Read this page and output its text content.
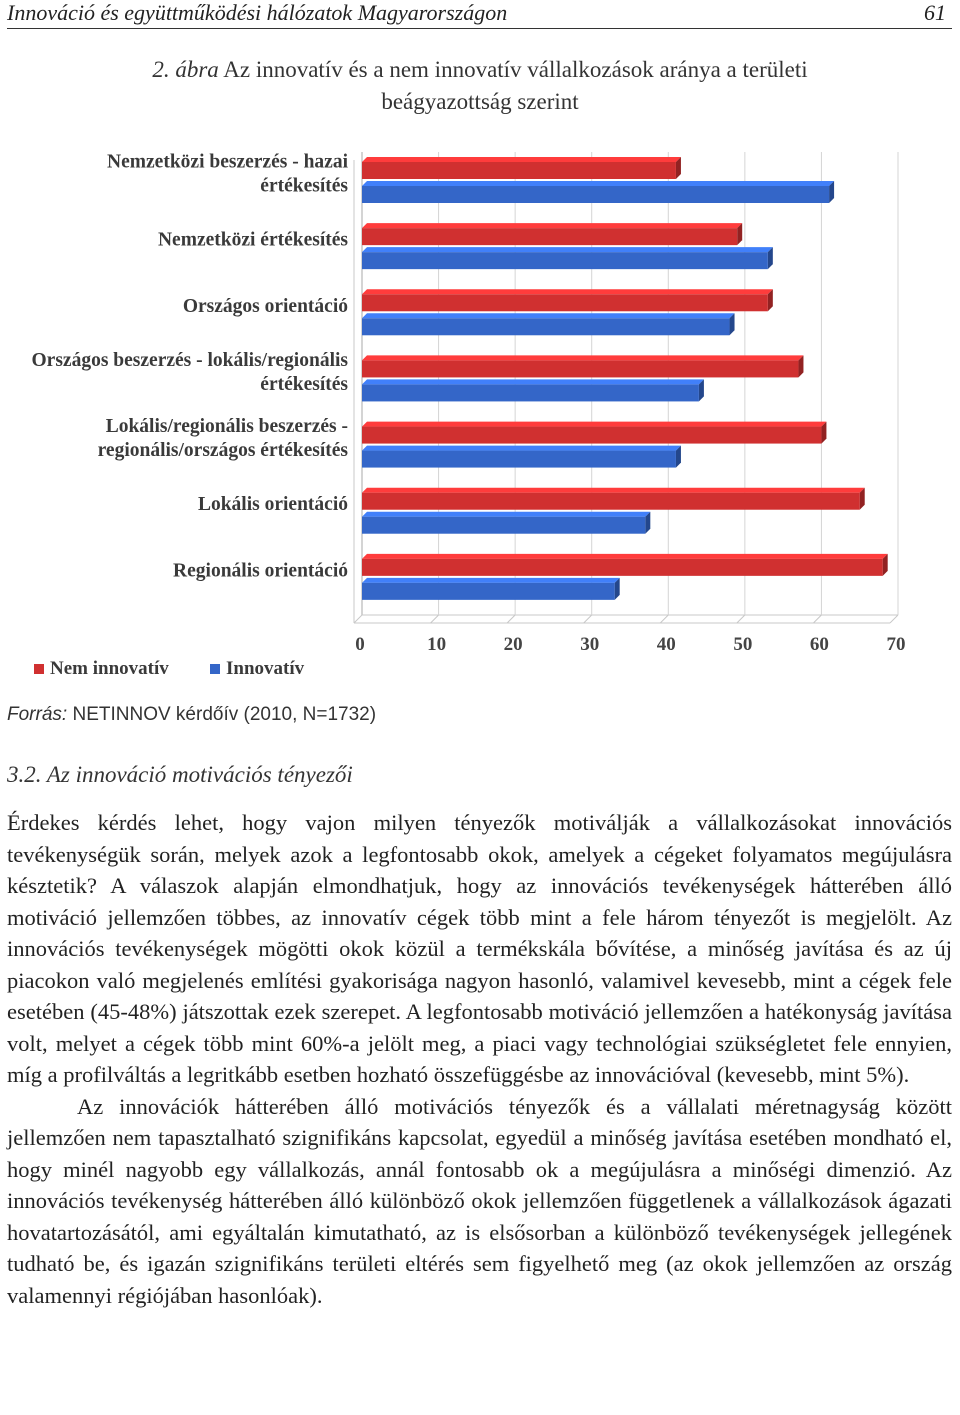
Innováció és együttműködési hálózatok Magyarországon	61
2. ábra Az innovatív és a nem innovatív vállalkozások aránya a területi
beágyazottság szerint
0	10	20	30	40	50	60	70
Nemzetközi beszerzés - hazai
értékesítés
Nemzetközi értékesítés
Országos orientáció
Országos beszerzés - lokális/regionális
értékesítés
Lokális/regionális beszerzés -
regionális/országos értékesítés
Lokális orientáció
Regionális orientáció
Nem innovatív	Innovatív
Forrás: NETINNOV kérdőív (2010, N=1732)
3.2. Az innováció motivációs tényezői

Érdekes kérdés lehet, hogy vajon milyen tényezők motiválják a vállalkozásokat innovációs tevékenységük során, melyek azok a legfontosabb okok, amelyek a cégeket folyamatos megújulásra késztetik? A válaszok alapján elmondhatjuk, hogy az innovációs tevékenységek hátterében álló motiváció jellemzően többes, az innovatív cégek több mint a fele három tényezőt is megjelölt. Az innovációs tevékenységek mögötti okok közül a termékskála bővítése, a minőség javítása és az új piacokon való megjelenés említési gyakorisága nagyon hasonló, valamivel kevesebb, mint a cégek fele esetében (45-48%) játszottak ezek szerepet. A legfontosabb motiváció jellemzően a hatékonyság javítása volt, melyet a cégek több mint 60%-a jelölt meg, a piaci vagy technológiai szükségletet fele ennyien, míg a profilváltás a legritkább esetben hozható összefüggésbe az innovációval (kevesebb, mint 5%).

Az innovációk hátterében álló motivációs tényezők és a vállalati méretnagyság között jellemzően nem tapasztalható szignifikáns kapcsolat, egyedül a minőség javítása esetében mondható el, hogy minél nagyobb egy vállalkozás, annál fontosabb ok a megújulásra a minőségi dimenzió. Az innovációs tevékenység hátterében álló különböző okok jellemzően függetlenek a vállalkozások ágazati hovatartozásától, ami egyáltalán kimutatható, az is elsősorban a különböző tevékenységek jellegének tudható be, és igazán szignifikáns területi eltérés sem figyelhető meg (az okok jellemzően az ország valamennyi régiójában hasonlóak).
